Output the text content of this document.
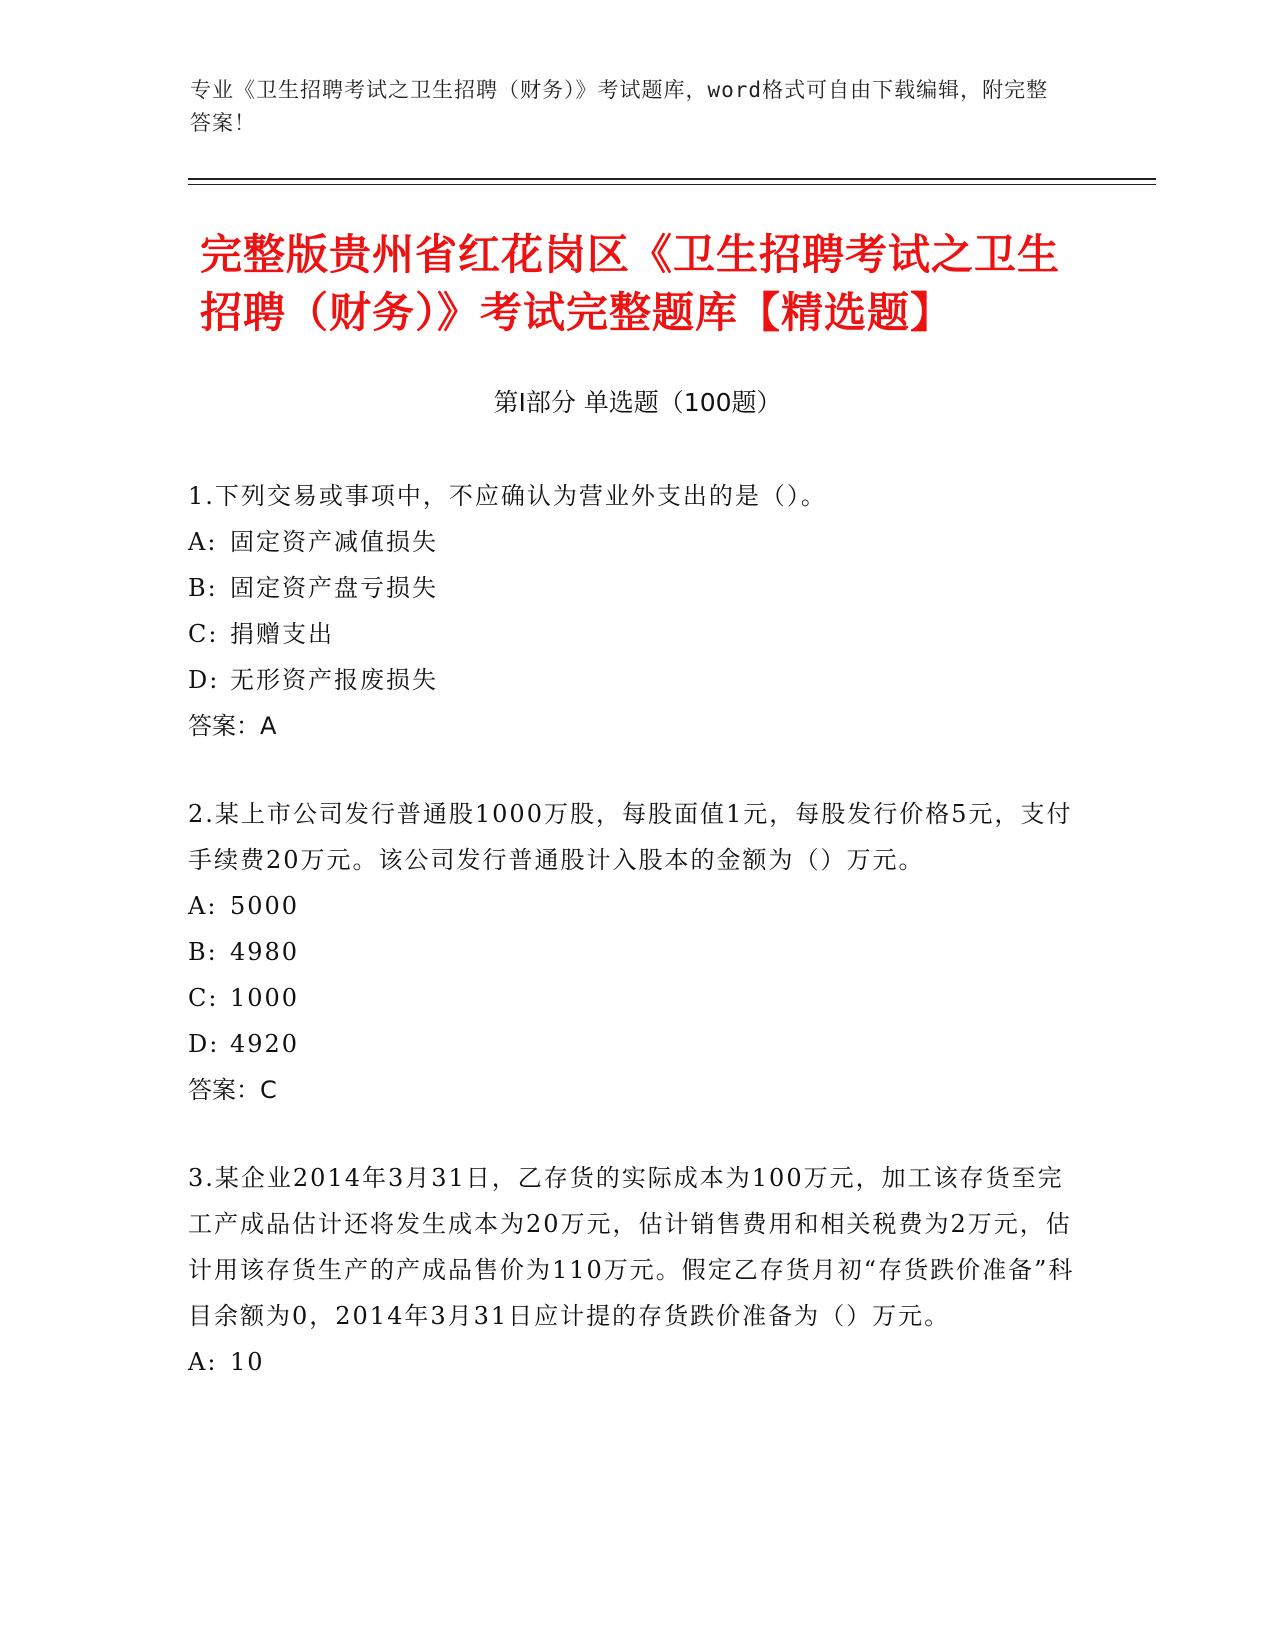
专业《卫生招聘考试之卫生招聘（财务）》考试题库，word格式可自由下载编辑，附完整答案！
完整版贵州省红花岗区《卫生招聘考试之卫生招聘（财务）》考试完整题库【精选题】
第Ⅰ部分 单选题（100题）

1.下列交易或事项中，不应确认为营业外支出的是（）。

A: 固定资产减值损失

B: 固定资产盘亏损失

C: 捐赠支出

D: 无形资产报废损失

答案：A

2.某上市公司发行普通股1000万股，每股面值1元，每股发行价格5元，支付手续费20万元。该公司发行普通股计入股本的金额为（）万元。

A: 5000

B: 4980

C: 1000

D: 4920

答案：C

3.某企业2014年3月31日，乙存货的实际成本为100万元，加工该存货至完工产成品估计还将发生成本为20万元，估计销售费用和相关税费为2万元，估计用该存货生产的产成品售价为110万元。假定乙存货月初“存货跌价准备”科目余额为0，2014年3月31日应计提的存货跌价准备为（）万元。

A: 10
